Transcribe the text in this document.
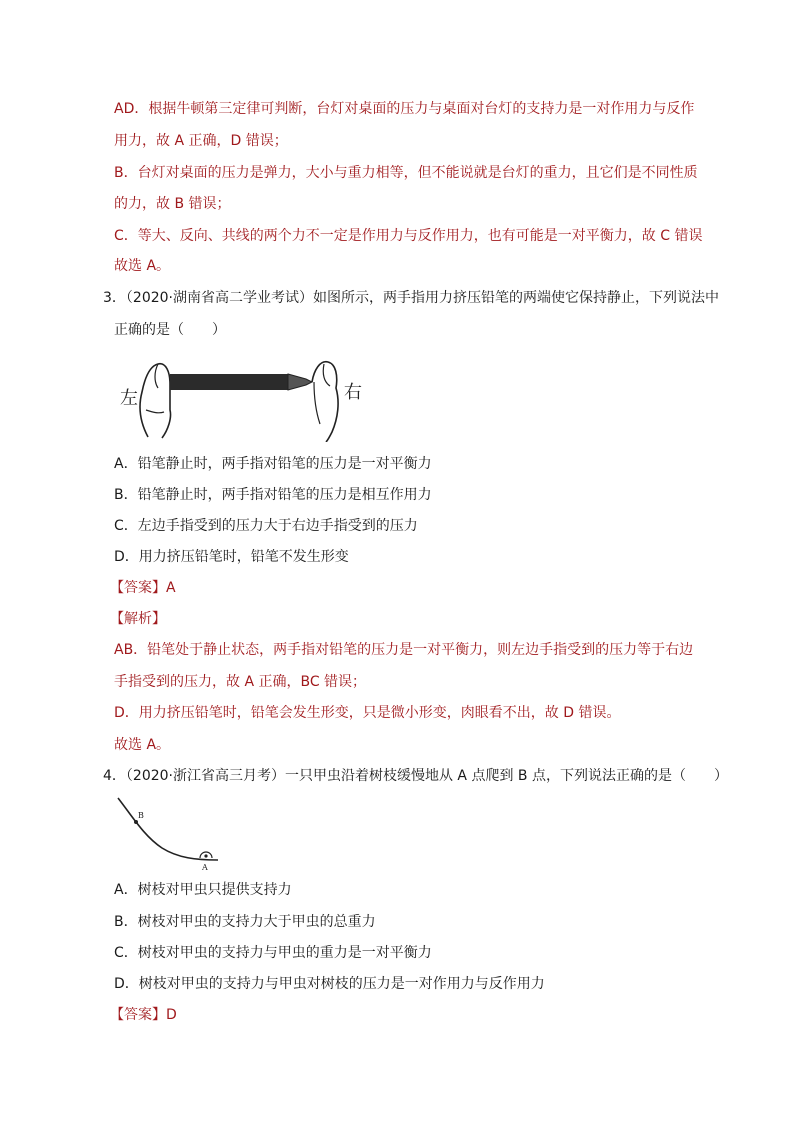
AD．根据牛顿第三定律可判断，台灯对桌面的压力与桌面对台灯的支持力是一对作用力与反作
用力，故 A 正确，D 错误；
B．台灯对桌面的压力是弹力，大小与重力相等，但不能说就是台灯的重力，且它们是不同性质
的力，故 B 错误；
C．等大、反向、共线的两个力不一定是作用力与反作用力，也有可能是一对平衡力，故 C 错误
故选 A。
3．（2020·湖南省高二学业考试）如图所示，两手指用力挤压铅笔的两端使它保持静止，下列说法中
正确的是（　　）
左	右
A．铅笔静止时，两手指对铅笔的压力是一对平衡力
B．铅笔静止时，两手指对铅笔的压力是相互作用力
C．左边手指受到的压力大于右边手指受到的压力
D．用力挤压铅笔时，铅笔不发生形变
【答案】A
【解析】
AB．铅笔处于静止状态，两手指对铅笔的压力是一对平衡力，则左边手指受到的压力等于右边
手指受到的压力，故 A 正确，BC 错误；
D．用力挤压铅笔时，铅笔会发生形变，只是微小形变，肉眼看不出，故 D 错误。
故选 A。
4．（2020·浙江省高三月考）一只甲虫沿着树枝缓慢地从 A 点爬到 B 点，下列说法正确的是（　　）
B
A
A．树枝对甲虫只提供支持力
B．树枝对甲虫的支持力大于甲虫的总重力
C．树枝对甲虫的支持力与甲虫的重力是一对平衡力
D．树枝对甲虫的支持力与甲虫对树枝的压力是一对作用力与反作用力
【答案】D
